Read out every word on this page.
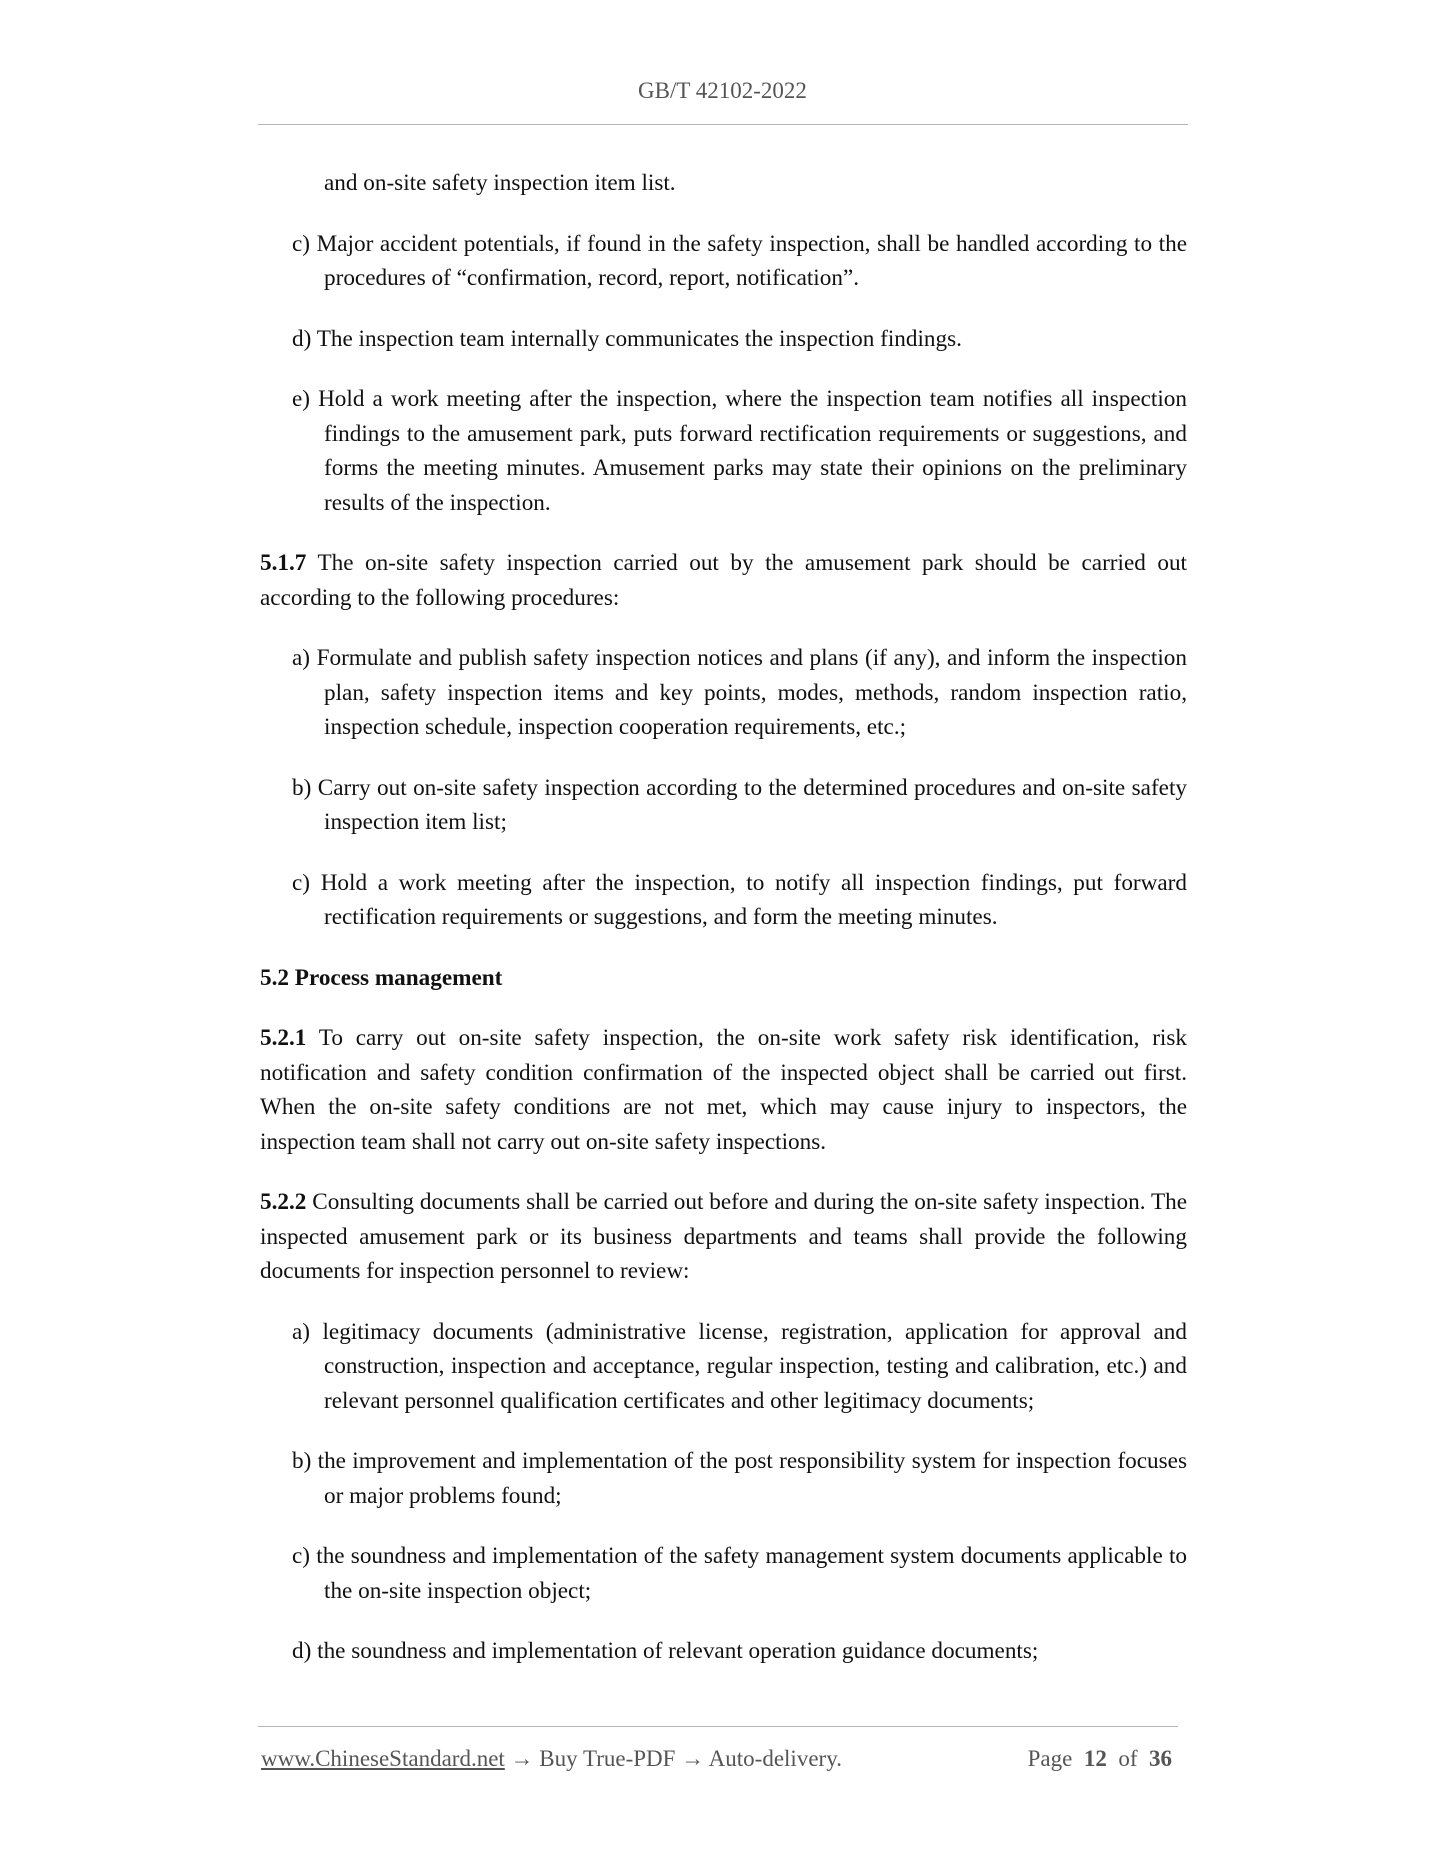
GB/T 42102-2022

and on-site safety inspection item list.

c) Major accident potentials, if found in the safety inspection, shall be handled according to the procedures of “confirmation, record, report, notification”.

d) The inspection team internally communicates the inspection findings.

e) Hold a work meeting after the inspection, where the inspection team notifies all inspection findings to the amusement park, puts forward rectification requirements or suggestions, and forms the meeting minutes. Amusement parks may state their opinions on the preliminary results of the inspection.

5.1.7 The on-site safety inspection carried out by the amusement park should be carried out according to the following procedures:

a) Formulate and publish safety inspection notices and plans (if any), and inform the inspection plan, safety inspection items and key points, modes, methods, random inspection ratio, inspection schedule, inspection cooperation requirements, etc.;

b) Carry out on-site safety inspection according to the determined procedures and on-site safety inspection item list;

c) Hold a work meeting after the inspection, to notify all inspection findings, put forward rectification requirements or suggestions, and form the meeting minutes.

5.2 Process management

5.2.1 To carry out on-site safety inspection, the on-site work safety risk identification, risk notification and safety condition confirmation of the inspected object shall be carried out first. When the on-site safety conditions are not met, which may cause injury to inspectors, the inspection team shall not carry out on-site safety inspections.

5.2.2 Consulting documents shall be carried out before and during the on-site safety inspection. The inspected amusement park or its business departments and teams shall provide the following documents for inspection personnel to review:

a) legitimacy documents (administrative license, registration, application for approval and construction, inspection and acceptance, regular inspection, testing and calibration, etc.) and relevant personnel qualification certificates and other legitimacy documents;

b) the improvement and implementation of the post responsibility system for inspection focuses or major problems found;

c) the soundness and implementation of the safety management system documents applicable to the on-site inspection object;

d) the soundness and implementation of relevant operation guidance documents;

www.ChineseStandard.net → Buy True-PDF → Auto-delivery.	Page 12 of 36
